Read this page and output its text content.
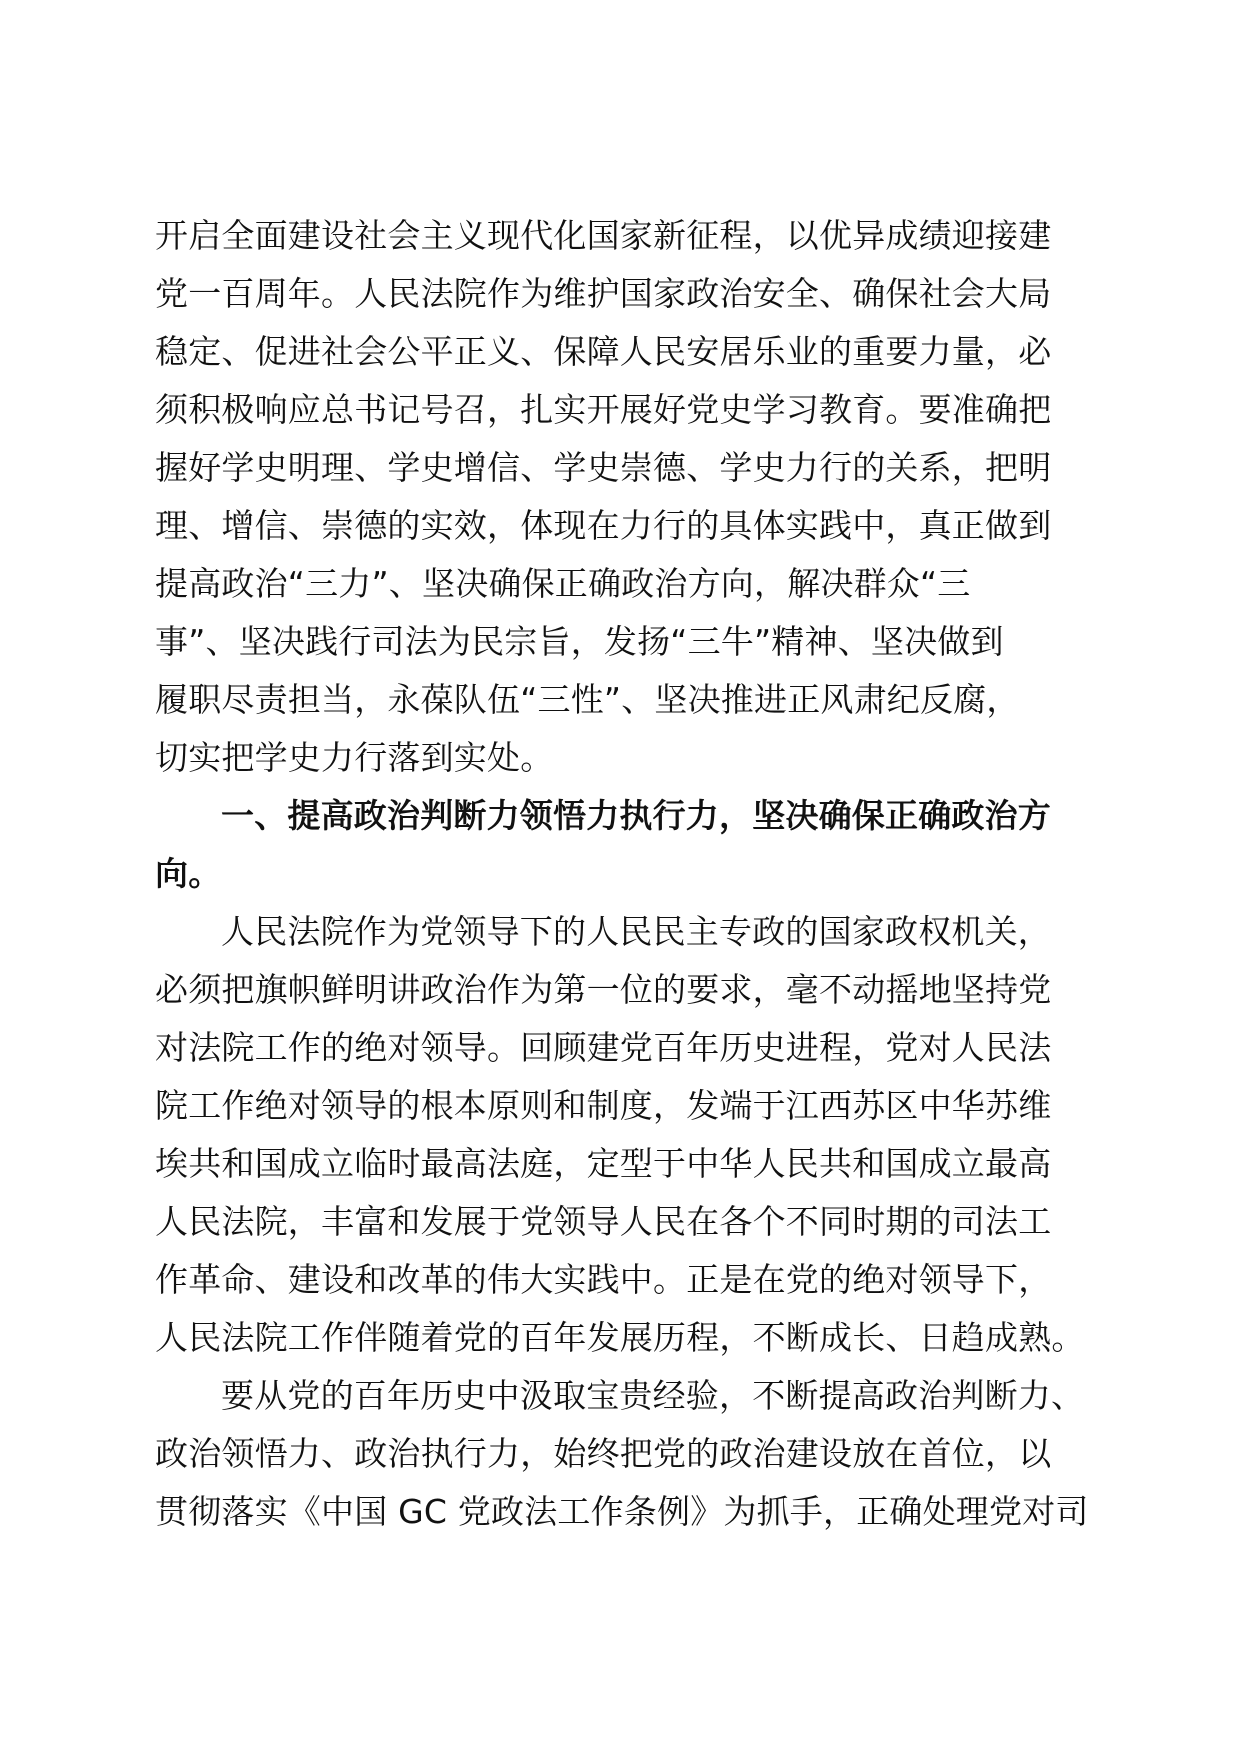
开启全面建设社会主义现代化国家新征程，以优异成绩迎接建
党一百周年。人民法院作为维护国家政治安全、确保社会大局
稳定、促进社会公平正义、保障人民安居乐业的重要力量，必
须积极响应总书记号召，扎实开展好党史学习教育。要准确把
握好学史明理、学史增信、学史崇德、学史力行的关系，把明
理、增信、崇德的实效，体现在力行的具体实践中，真正做到
提高政治“三力”、坚决确保正确政治方向，解决群众“三
事”、坚决践行司法为民宗旨，发扬“三牛”精神、坚决做到
履职尽责担当，永葆队伍“三性”、坚决推进正风肃纪反腐，
切实把学史力行落到实处。
一、提高政治判断力领悟力执行力，坚决确保正确政治方
向。
人民法院作为党领导下的人民民主专政的国家政权机关，
必须把旗帜鲜明讲政治作为第一位的要求，毫不动摇地坚持党
对法院工作的绝对领导。回顾建党百年历史进程，党对人民法
院工作绝对领导的根本原则和制度，发端于江西苏区中华苏维
埃共和国成立临时最高法庭，定型于中华人民共和国成立最高
人民法院，丰富和发展于党领导人民在各个不同时期的司法工
作革命、建设和改革的伟大实践中。正是在党的绝对领导下，
人民法院工作伴随着党的百年发展历程，不断成长、日趋成熟。
要从党的百年历史中汲取宝贵经验，不断提高政治判断力、
政治领悟力、政治执行力，始终把党的政治建设放在首位，以
贯彻落实《中国 GC 党政法工作条例》为抓手，正确处理党对司
